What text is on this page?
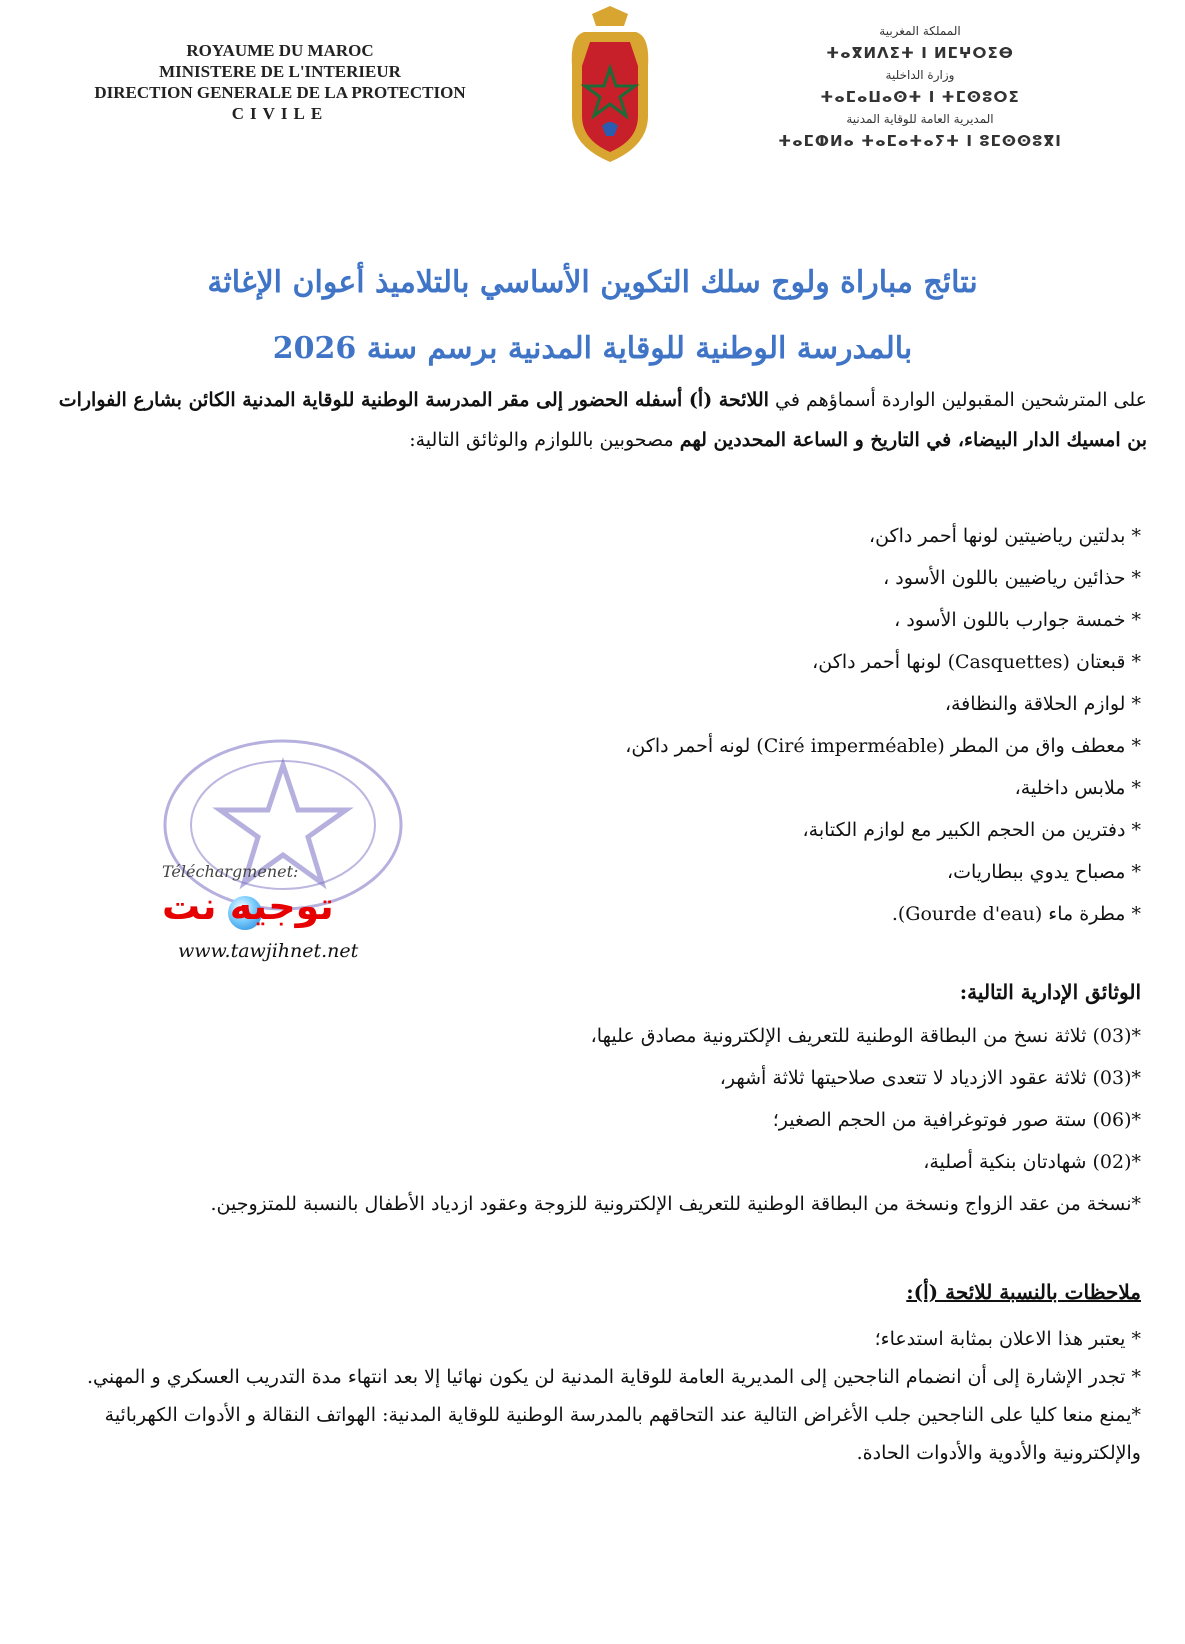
ROYAUME DU MAROC
MINISTERE DE L'INTERIEUR
DIRECTION GENERALE DE LA PROTECTION
CIVILE
المملكة المغربية
ⵜⴰⴳⵍⴷⵉⵜ ⵏ ⵍⵎⵖⵔⵉⴱ
وزارة الداخلية
ⵜⴰⵎⴰⵡⴰⵙⵜ ⵏ ⵜⵎⵙⵓⵔⵉ
المديرية العامة للوقاية المدنية
ⵜⴰⵎⵀⵍⴰ ⵜⴰⵎⴰⵜⴰⵢⵜ ⵏ ⵓⵎⵙⵙⵓⴳⵏ
نتائج مباراة ولوج سلك التكوين الأساسي بالتلاميذ أعوان الإغاثة
بالمدرسة الوطنية للوقاية المدنية برسم سنة 2026
على المترشحين المقبولين الواردة أسماؤهم في اللائحة (أ) أسفله الحضور إلى مقر المدرسة الوطنية للوقاية المدنية الكائن بشارع الفوارات بن امسيك الدار البيضاء، في التاريخ و الساعة المحددين لهم مصحوبين باللوازم والوثائق التالية:
* بدلتين رياضيتين لونها أحمر داكن،
* حذائين رياضيين باللون الأسود ،
* خمسة جوارب باللون الأسود ،
* قبعتان (Casquettes) لونها أحمر داكن،
* لوازم الحلاقة والنظافة،
* معطف واق من المطر (Ciré imperméable) لونه أحمر داكن،
* ملابس داخلية،
* دفترين من الحجم الكبير مع لوازم الكتابة،
* مصباح يدوي ببطاريات،
* مطرة ماء (Gourde d'eau).
Téléchargmenet:
توجيه نت
www.tawjihnet.net
الوثائق الإدارية التالية:
*(03) ثلاثة نسخ من البطاقة الوطنية للتعريف الإلكترونية مصادق عليها،
*(03) ثلاثة عقود الازدياد لا تتعدى صلاحيتها ثلاثة أشهر،
*(06) ستة صور فوتوغرافية من الحجم الصغير؛
*(02) شهادتان بنكية أصلية،
*نسخة من عقد الزواج ونسخة من البطاقة الوطنية للتعريف الإلكترونية للزوجة وعقود ازدياد الأطفال بالنسبة للمتزوجين.
ملاحظات بالنسبة للائحة (أ):
* يعتبر هذا الاعلان بمثابة استدعاء؛
* تجدر الإشارة إلى أن انضمام الناجحين إلى المديرية العامة للوقاية المدنية لن يكون نهائيا إلا بعد انتهاء مدة التدريب العسكري و المهني.
*يمنع منعا كليا على الناجحين جلب الأغراض التالية عند التحاقهم بالمدرسة الوطنية للوقاية المدنية: الهواتف النقالة و الأدوات الكهربائية والإلكترونية والأدوية والأدوات الحادة.
